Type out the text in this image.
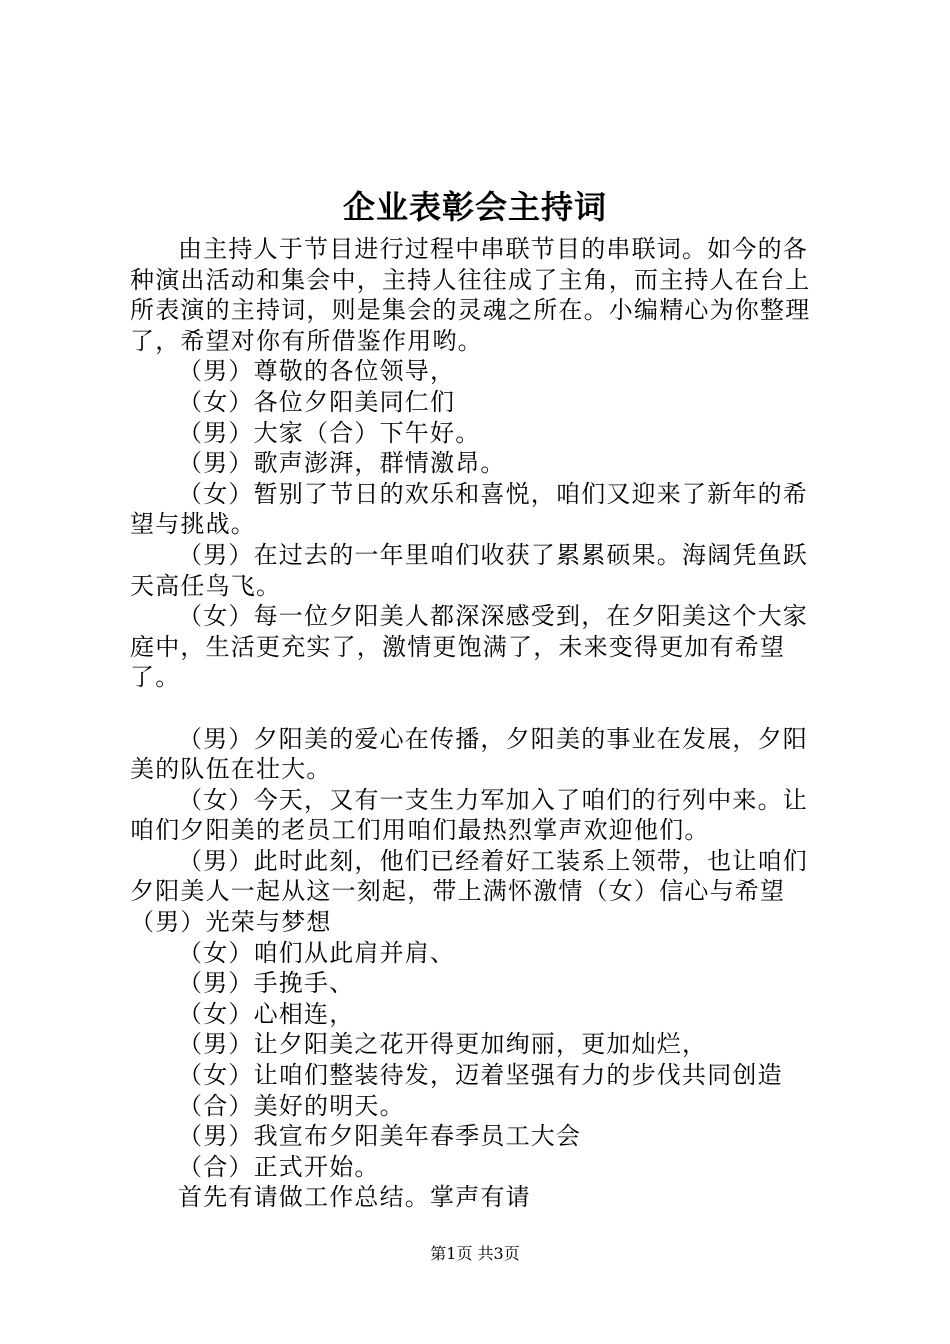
企业表彰会主持词

由主持人于节目进行过程中串联节目的串联词。如今的各种演出活动和集会中，主持人往往成了主角，而主持人在台上所表演的主持词，则是集会的灵魂之所在。小编精心为你整理了，希望对你有所借鉴作用哟。

（男）尊敬的各位领导，

（女）各位夕阳美同仁们

（男）大家（合）下午好。

（男）歌声澎湃，群情激昂。

（女）暂别了节日的欢乐和喜悦，咱们又迎来了新年的希望与挑战。

（男）在过去的一年里咱们收获了累累硕果。海阔凭鱼跃天高任鸟飞。

（女）每一位夕阳美人都深深感受到，在夕阳美这个大家庭中，生活更充实了，激情更饱满了，未来变得更加有希望了。

（男）夕阳美的爱心在传播，夕阳美的事业在发展，夕阳美的队伍在壮大。

（女）今天，又有一支生力军加入了咱们的行列中来。让咱们夕阳美的老员工们用咱们最热烈掌声欢迎他们。

（男）此时此刻，他们已经着好工装系上领带，也让咱们夕阳美人一起从这一刻起，带上满怀激情（女）信心与希望（男）光荣与梦想

（女）咱们从此肩并肩、

（男）手挽手、

（女）心相连，

（男）让夕阳美之花开得更加绚丽，更加灿烂，

（女）让咱们整装待发，迈着坚强有力的步伐共同创造

（合）美好的明天。

（男）我宣布夕阳美年春季员工大会

（合）正式开始。

首先有请做工作总结。掌声有请

第1页 共3页
